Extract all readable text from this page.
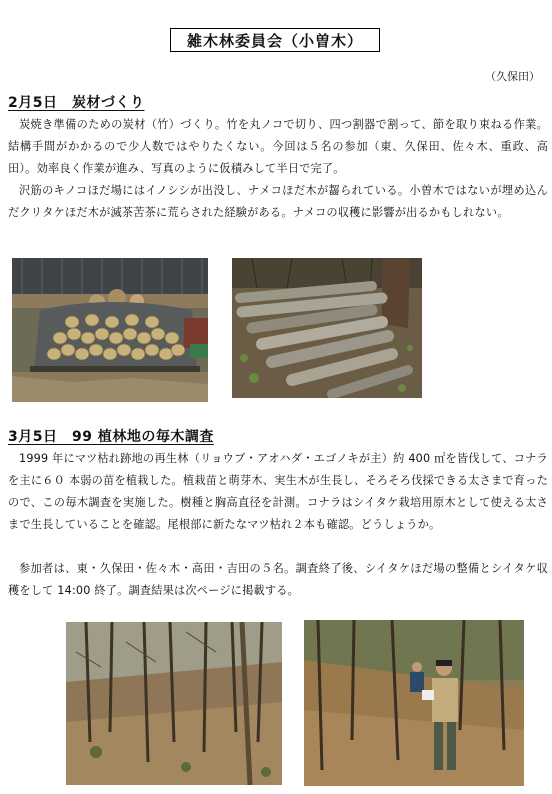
雑木林委員会（小曽木）
（久保田）
2月5日　炭材づくり
炭焼き準備のための炭材（竹）づくり。竹を丸ノコで切り、四つ割器で割って、節を取り束ねる作業。結構手間がかかるので少人数ではやりたくない。今回は５名の参加（東、久保田、佐々木、重政、高田）。効率良く作業が進み、写真のように仮積みして半日で完了。
沢筋のキノコほだ場にはイノシシが出没し、ナメコほだ木が齧られている。小曽木ではないが埋め込んだクリタケほだ木が滅茶苦茶に荒らされた経験がある。ナメコの収穫に影響が出るかもしれない。
3月5日　99 植林地の毎木調査
1999 年にマツ枯れ跡地の再生林（リョウブ・アオハダ・エゴノキが主）約 400 ㎡を皆伐して、コナラを主に６０ 本弱の苗を植栽した。植栽苗と萌芽木、実生木が生長し、そろそろ伐採できる太さまで育ったので、この毎木調査を実施した。樹種と胸高直径を計測。コナラはシイタケ栽培用原木として使える太さまで生長していることを確認。尾根部に新たなマツ枯れ２本も確認。どうしょうか。
参加者は、東・久保田・佐々木・高田・吉田の５名。調査終了後、シイタケほだ場の整備とシイタケ収穫をして 14:00 終了。調査結果は次ページに掲載する。
